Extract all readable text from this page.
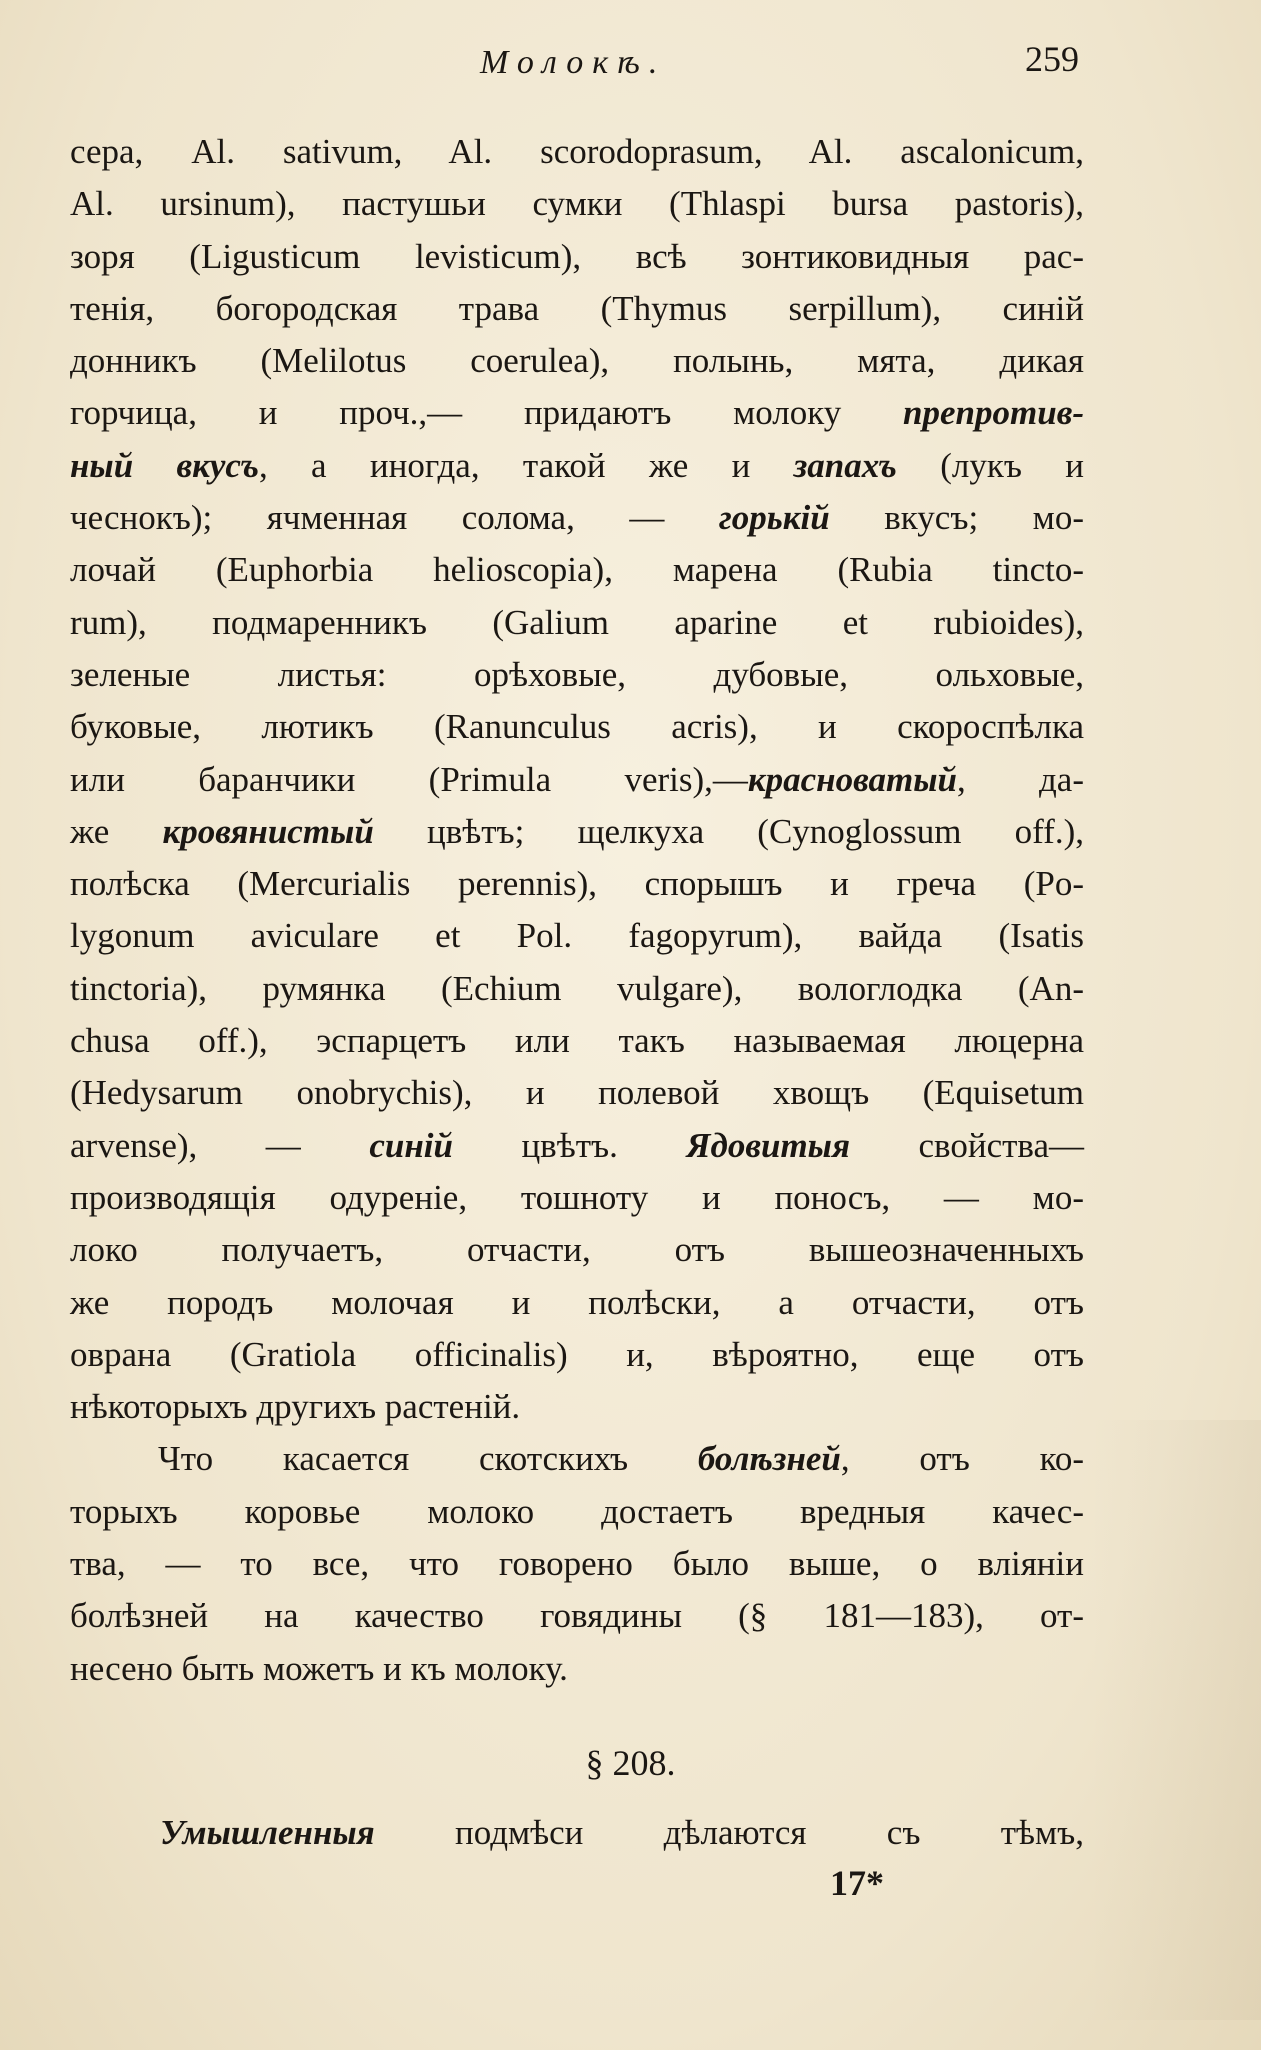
Молокѣ.	259
сера, Al. sativum, Al. scorodoprasum, Al. ascalonicum,
Al. ursinum), пастушьи сумки (Thlaspi bursa pastoris),
зоря (Ligusticum levisticum), всѣ зонтиковидныя рас-
тенія, богородская трава (Thymus serpillum), синій
донникъ (Melilotus coerulea), полынь, мята, дикая
горчица, и проч.,— придаютъ молоку препротив-
ный вкусъ, а иногда, такой же и запахъ (лукъ и
чеснокъ); ячменная солома, — горькій вкусъ; мо-
лочай (Euphorbia helioscopia), марена (Rubia tincto-
rum), подмаренникъ (Galium aparine et rubioides),
зеленые листья: орѣховые, дубовые, ольховые,
буковые, лютикъ (Ranunculus acris), и скороспѣлка
или баранчики (Primula veris),—красноватый, да-
же кровянистый цвѣтъ; щелкуха (Cynoglossum off.),
полѣска (Mercurialis perennis), спорышъ и греча (Po-
lygonum aviculare et Pol. fagopyrum), вайда (Isatis
tinctoria), румянка (Echium vulgare), вологлодка (An-
chusa off.), эспарцетъ или такъ называемая люцерна
(Hedysarum onobrychis), и полевой хвощъ (Equisetum
arvense), — синій цвѣтъ. Ядовитыя свойства—
производящія одуреніе, тошноту и поносъ, — мо-
локо получаетъ, отчасти, отъ вышеозначенныхъ
же породъ молочая и полѣски, а отчасти, отъ
оврана (Gratiola officinalis) и, вѣроятно, еще отъ
нѣкоторыхъ другихъ растеній.
Что касается скотскихъ болѣзней, отъ ко-
торыхъ коровье молоко достаетъ вредныя качес-
тва, — то все, что говорено было выше, о вліяніи
болѣзней на качество говядины (§ 181—183), от-
несено быть можетъ и къ молоку.
§ 208.
Умышленныя подмѣси дѣлаются съ тѣмъ,
17*
